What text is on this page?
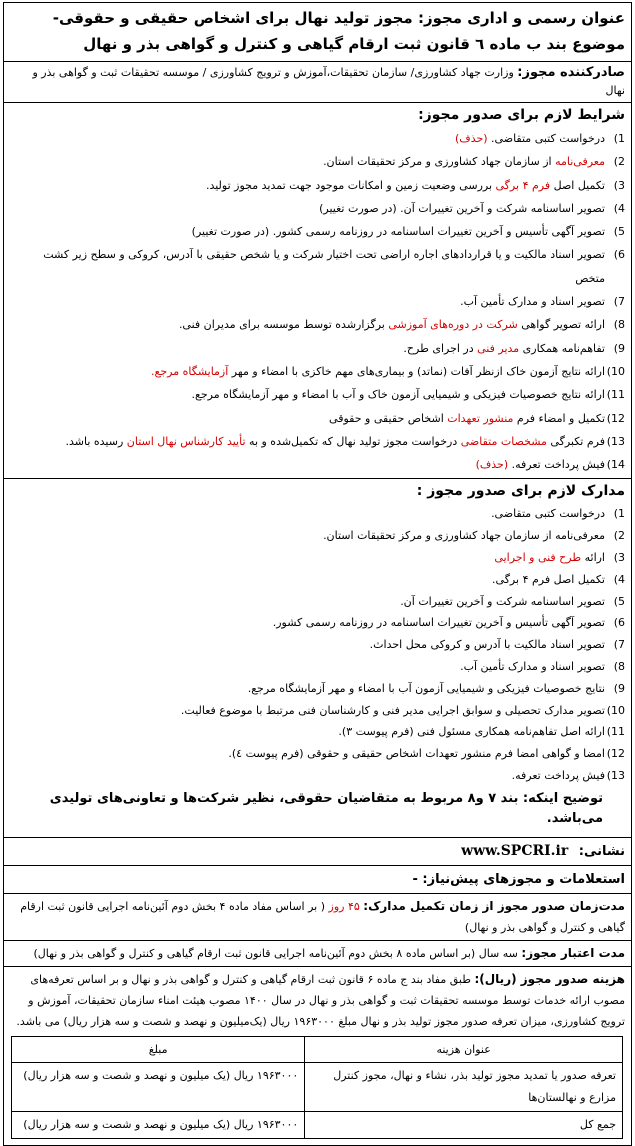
عنوان رسمی و اداری مجوز: مجوز تولید نهال برای اشخاص حقیقی و حقوقی- موضوع بند ب ماده ٦ قانون ثبت ارقام گیاهی و کنترل و گواهی بذر و نهال
صادرکننده مجوز: وزارت جهاد کشاورزی/ سازمان تحقیقات،آموزش و ترویج کشاورزی / موسسه تحقیقات ثبت و گواهی بذر و نهال
شرایط لازم برای صدور مجوز:
1)
درخواست کتبی متقاضی. (حذف)
2)
معرفی‌نامه از سازمان جهاد کشاورزی و مرکز تحقیقات استان.
3)
تکمیل اصل فرم ۴ برگی بررسی وضعیت زمین و امکانات موجود جهت تمدید مجوز تولید.
4)
تصویر اساسنامه شرکت و آخرین تغییرات آن. (در صورت تغییر)
5)
تصویر آگهی تأسیس و آخرین تغییرات اساسنامه در روزنامه رسمی کشور. (در صورت تغییر)
6)
تصویر اسناد مالکیت و یا قراردادهای اجاره اراضی تحت اختیار شرکت و یا شخص حقیقی با آدرس، کروکی و سطح زیر کشت متخص
7)
تصویر اسناد و مدارک تأمین آب.
8)
ارائه تصویر گواهی شرکت در دوره‌های آموزشی برگزارشده توسط موسسه برای مدیران فنی.
9)
تفاهم‌نامه همکاری مدیر فنی در اجرای طرح.
10)
ارائه نتایج آزمون خاک ازنظر آفات (نماتد) و بیماری‌های مهم خاکزی با امضاء و مهر آزمایشگاه مرجع.
11)
ارائه نتایج خصوصیات فیزیکی و شیمیایی آزمون خاک و آب با امضاء و مهر آزمایشگاه مرجع.
12)
تکمیل و امضاء فرم منشور تعهدات اشخاص حقیقی و حقوقی
13)
فرم تکبرگی مشخصات متقاضی درخواست مجوز تولید نهال که تکمیل‌شده و به تأیید کارشناس نهال استان رسیده باشد.
14)
فیش پرداخت تعرفه. (حذف)
مدارک لازم برای صدور مجوز :
1)
درخواست کتبی متقاضی.
2)
معرفی‌نامه از سازمان جهاد کشاورزی و مرکز تحقیقات استان.
3)
ارائه طرح فنی و اجرایی
4)
تکمیل اصل فرم ۴ برگی.
5)
تصویر اساسنامه شرکت و آخرین تغییرات آن.
6)
تصویر آگهی تأسیس و آخرین تغییرات اساسنامه در روزنامه رسمی کشور.
7)
تصویر اسناد مالکیت با آدرس و کروکی محل احداث.
8)
تصویر اسناد و مدارک تأمین آب.
9)
نتایج خصوصیات فیزیکی و شیمیایی آزمون آب با امضاء و مهر آزمایشگاه مرجع.
10)
تصویر مدارک تحصیلی و سوابق اجرایی مدیر فنی و کارشناسان فنی مرتبط با موضوع فعالیت.
11)
ارائه اصل تفاهم‌نامه همکاری مسئول فنی (فرم پیوست ٣).
12)
امضا و گواهی امضا فرم منشور تعهدات اشخاص حقیقی و حقوقی (فرم پیوست ٤).
13)
فیش پرداخت تعرفه.
توضیح اینکه: بند ٧ و٨ مربوط به متقاضیان حقوقی، نظیر شرکت‌ها و تعاونی‌های تولیدی می‌باشد.
نشانی: www.SPCRI.ir
استعلامات و مجوزهای پیش‌نیاز: -
مدت‌زمان صدور مجوز از زمان تکمیل مدارک: ۴۵ روز ( بر اساس مفاد ماده ۴ بخش دوم آئین‌نامه اجرایی قانون ثبت ارقام گیاهی و کنترل و گواهی بذر و نهال)
مدت اعتبار مجوز: سه سال (بر اساس ماده ۸ بخش دوم آئین‌نامه اجرایی قانون ثبت ارقام گیاهی و کنترل و گواهی بذر و نهال)
هزینه صدور مجوز (ریال): طبق مفاد بند ج ماده ۶ قانون ثبت ارقام گیاهی و کنترل و گواهی بذر و نهال و بر اساس تعرفه‌های مصوب ارائه خدمات توسط موسسه تحقیقات ثبت و گواهی بذر و نهال در سال ۱۴۰۰ مصوب هیئت امناء سازمان تحقیقات، آموزش و ترویج کشاورزی، میزان تعرفه صدور مجوز تولید بذر و نهال مبلغ ۱۹۶۳۰۰۰ ریال (یک‌میلیون و نهصد و شصت و سه هزار ریال) می باشد.
عنوان هزینه	مبلغ
تعرفه صدور یا تمدید مجوز تولید بذر، نشاء و نهال، مجوز کنترل مزارع و نهالستان‌ها	۱۹۶۳۰۰۰ ریال (یک میلیون و نهصد و شصت و سه هزار ریال)
جمع کل	۱۹۶۳۰۰۰ ریال (یک میلیون و نهصد و شصت و سه هزار ریال)
